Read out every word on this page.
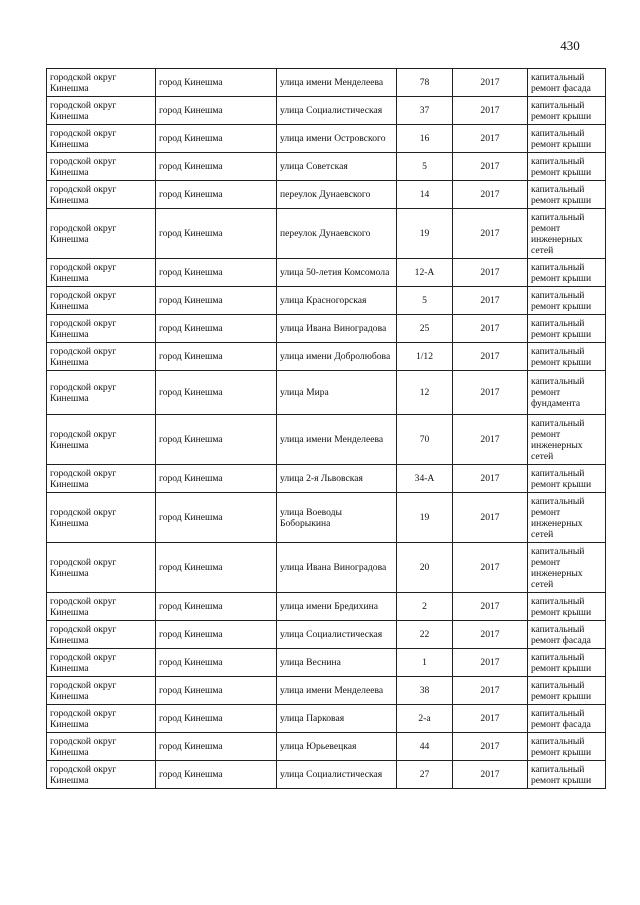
430
городской округ Кинешма	город Кинешма	улица имени Менделеева	78	2017	капитальный ремонт фасада
городской округ Кинешма	город Кинешма	улица Социалистическая	37	2017	капитальный ремонт крыши
городской округ Кинешма	город Кинешма	улица имени Островского	16	2017	капитальный ремонт крыши
городской округ Кинешма	город Кинешма	улица Советская	5	2017	капитальный ремонт крыши
городской округ Кинешма	город Кинешма	переулок Дунаевского	14	2017	капитальный ремонт крыши
городской округ Кинешма	город Кинешма	переулок Дунаевского	19	2017	капитальный ремонт инженерных сетей
городской округ Кинешма	город Кинешма	улица 50-летия Комсомола	12-А	2017	капитальный ремонт крыши
городской округ Кинешма	город Кинешма	улица Красногорская	5	2017	капитальный ремонт крыши
городской округ Кинешма	город Кинешма	улица Ивана Виноградова	25	2017	капитальный ремонт крыши
городской округ Кинешма	город Кинешма	улица имени Добролюбова	1/12	2017	капитальный ремонт крыши
городской округ Кинешма	город Кинешма	улица Мира	12	2017	капитальный ремонт фундамента
городской округ Кинешма	город Кинешма	улица имени Менделеева	70	2017	капитальный ремонт инженерных сетей
городской округ Кинешма	город Кинешма	улица 2-я Львовская	34-А	2017	капитальный ремонт крыши
городской округ Кинешма	город Кинешма	улица Воеводы Боборыкина	19	2017	капитальный ремонт инженерных сетей
городской округ Кинешма	город Кинешма	улица Ивана Виноградова	20	2017	капитальный ремонт инженерных сетей
городской округ Кинешма	город Кинешма	улица имени Бредихина	2	2017	капитальный ремонт крыши
городской округ Кинешма	город Кинешма	улица Социалистическая	22	2017	капитальный ремонт фасада
городской округ Кинешма	город Кинешма	улица Веснина	1	2017	капитальный ремонт крыши
городской округ Кинешма	город Кинешма	улица имени Менделеева	38	2017	капитальный ремонт крыши
городской округ Кинешма	город Кинешма	улица Парковая	2-а	2017	капитальный ремонт фасада
городской округ Кинешма	город Кинешма	улица Юрьевецкая	44	2017	капитальный ремонт крыши
городской округ Кинешма	город Кинешма	улица Социалистическая	27	2017	капитальный ремонт крыши
